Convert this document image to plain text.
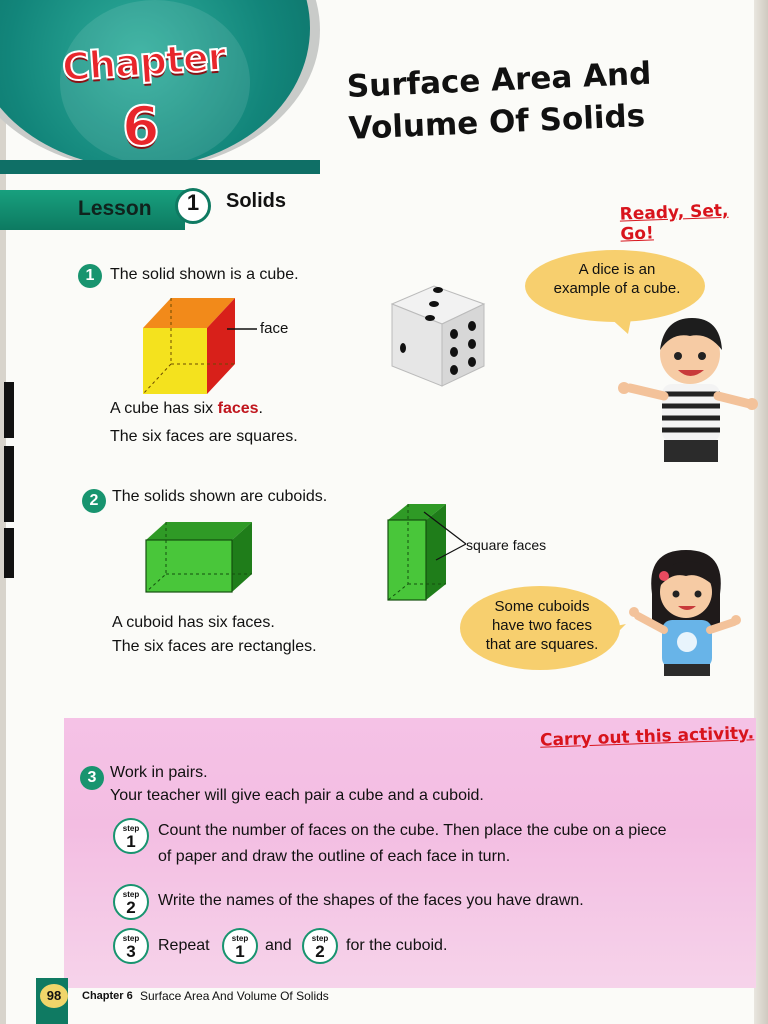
Chapter
6
Surface Area And
Volume Of Solids
Lesson	1	Solids	Ready, Set, Go!
1 The solid shown is a cube.
face
A cube has six faces.
The six faces are squares.
A dice is an
example of a cube.
2 The solids shown are cuboids.
square faces
A cuboid has six faces.
The six faces are rectangles.
Some cuboids
have two faces
that are squares.
Carry out this activity.
3 Work in pairs.
Your teacher will give each pair a cube and a cuboid.
step
1
Count the number of faces on the cube. Then place the cube on a piece
of paper and draw the outline of each face in turn.
step
2	Write the names of the shapes of the faces you have drawn.
step
3	Repeat	step
1	and	step
2	for the cuboid.
98	Chapter 6 Surface Area And Volume Of Solids
